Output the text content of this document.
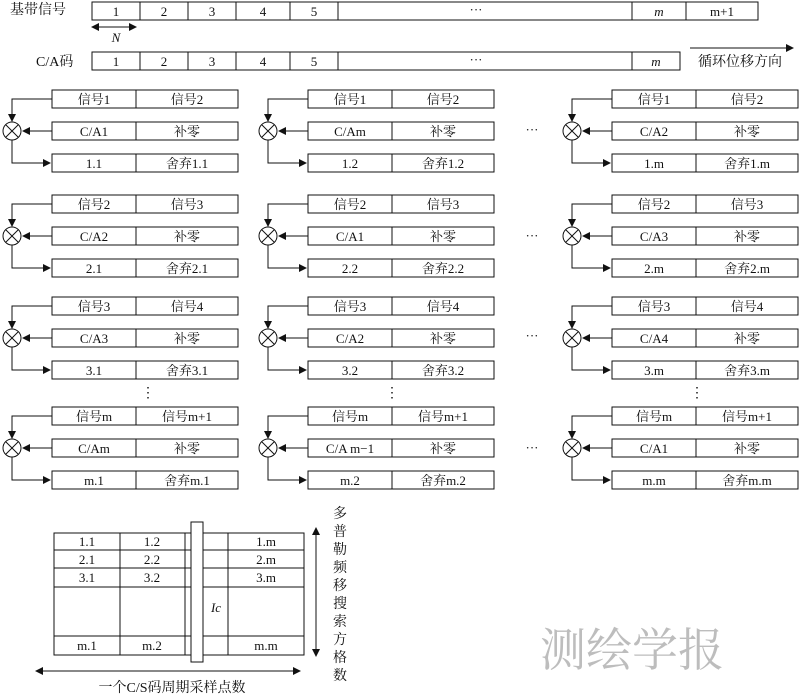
基带信号	1	2	3	4	5	···	m	m+1
N
C/A码	1	2	3	4	5	···	m	循环位移方向
信号1	信号2
C/A1	补零
1.1	舍弃1.1
信号1	信号2
C/Am	补零
1.2	舍弃1.2
信号1	信号2
C/A2	补零
1.m	舍弃1.m
信号2	信号3
C/A2	补零
2.1	舍弃2.1
信号2	信号3
C/A1	补零
2.2	舍弃2.2
信号2	信号3
C/A3	补零
2.m	舍弃2.m
信号3	信号4
C/A3	补零
3.1	舍弃3.1
信号3	信号4
C/A2	补零
3.2	舍弃3.2
信号3	信号4
C/A4	补零
3.m	舍弃3.m
信号m	信号m+1
C/Am	补零
m.1	舍弃m.1
信号m	信号m+1
C/A m−1	补零
m.2	舍弃m.2
信号m	信号m+1
C/A1	补零
m.m	舍弃m.m
···
···
···
···
⋮	⋮	⋮
Ic
1.1	1.2	1.m
2.1	2.2	2.m
3.1	3.2	3.m
m.1	m.2	m.m
一个C/S码周期采样点数
多
普
勒
频
移
搜
索
方
格
数	测绘学报
